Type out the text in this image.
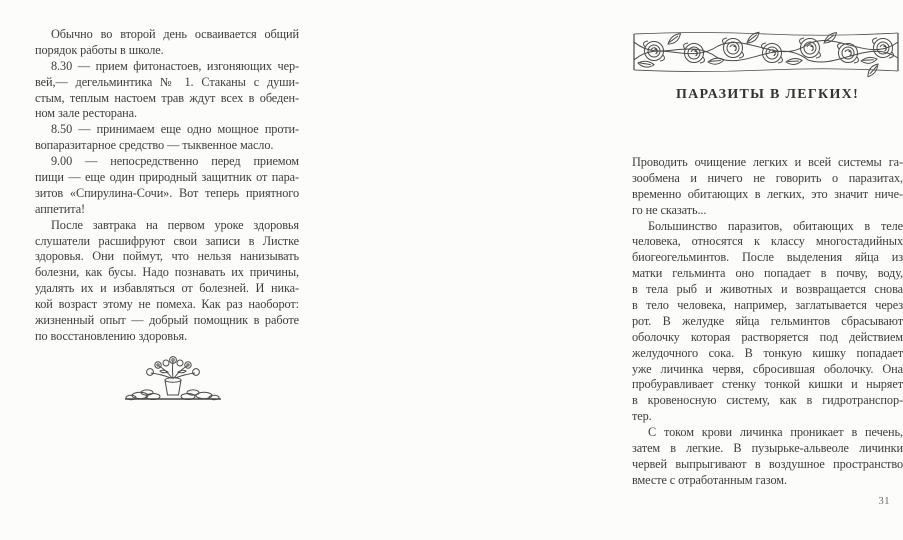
Обычно во второй день осваивается общий
порядок работы в школе.
8.30 — прием фитонастоев, изгоняющих чер-
вей,— дегельминтика № 1. Стаканы с души-
стым, теплым настоем трав ждут всех в обеден-
ном зале ресторана.
8.50 — принимаем еще одно мощное проти-
вопаразитарное средство — тыквенное масло.
9.00 — непосредственно перед приемом
пищи — еще один природный защитник от пара-
зитов «Спирулина-Сочи». Вот теперь приятного
аппетита!
После завтрака на первом уроке здоровья
слушатели расшифруют свои записи в Листке
здоровья. Они поймут, что нельзя нанизывать
болезни, как бусы. Надо познавать их причины,
удалять их и избавляться от болезней. И ника-
кой возраст этому не помеха. Как раз наоборот:
жизненный опыт — добрый помощник в работе
по восстановлению здоровья.
ПАРАЗИТЫ В ЛЕГКИХ!
Проводить очищение легких и всей системы га-
зообмена и ничего не говорить о паразитах,
временно обитающих в легких, это значит ниче-
го не сказать...
Большинство паразитов, обитающих в теле
человека, относятся к классу многостадийных
биогеогельминтов. После выделения яйца из
матки гельминта оно попадает в почву, воду,
в тела рыб и животных и возвращается снова
в тело человека, например, заглатывается через
рот. В желудке яйца гельминтов сбрасывают
оболочку которая растворяется под действием
желудочного сока. В тонкую кишку попадает
уже личинка червя, сбросившая оболочку. Она
пробуравливает стенку тонкой кишки и ныряет
в кровеносную систему, как в гидротранспор-
тер.
С током крови личинка проникает в печень,
затем в легкие. В пузырьке-альвеоле личинки
червей выпрыгивают в воздушное пространство
вместе с отработанным газом.
31
